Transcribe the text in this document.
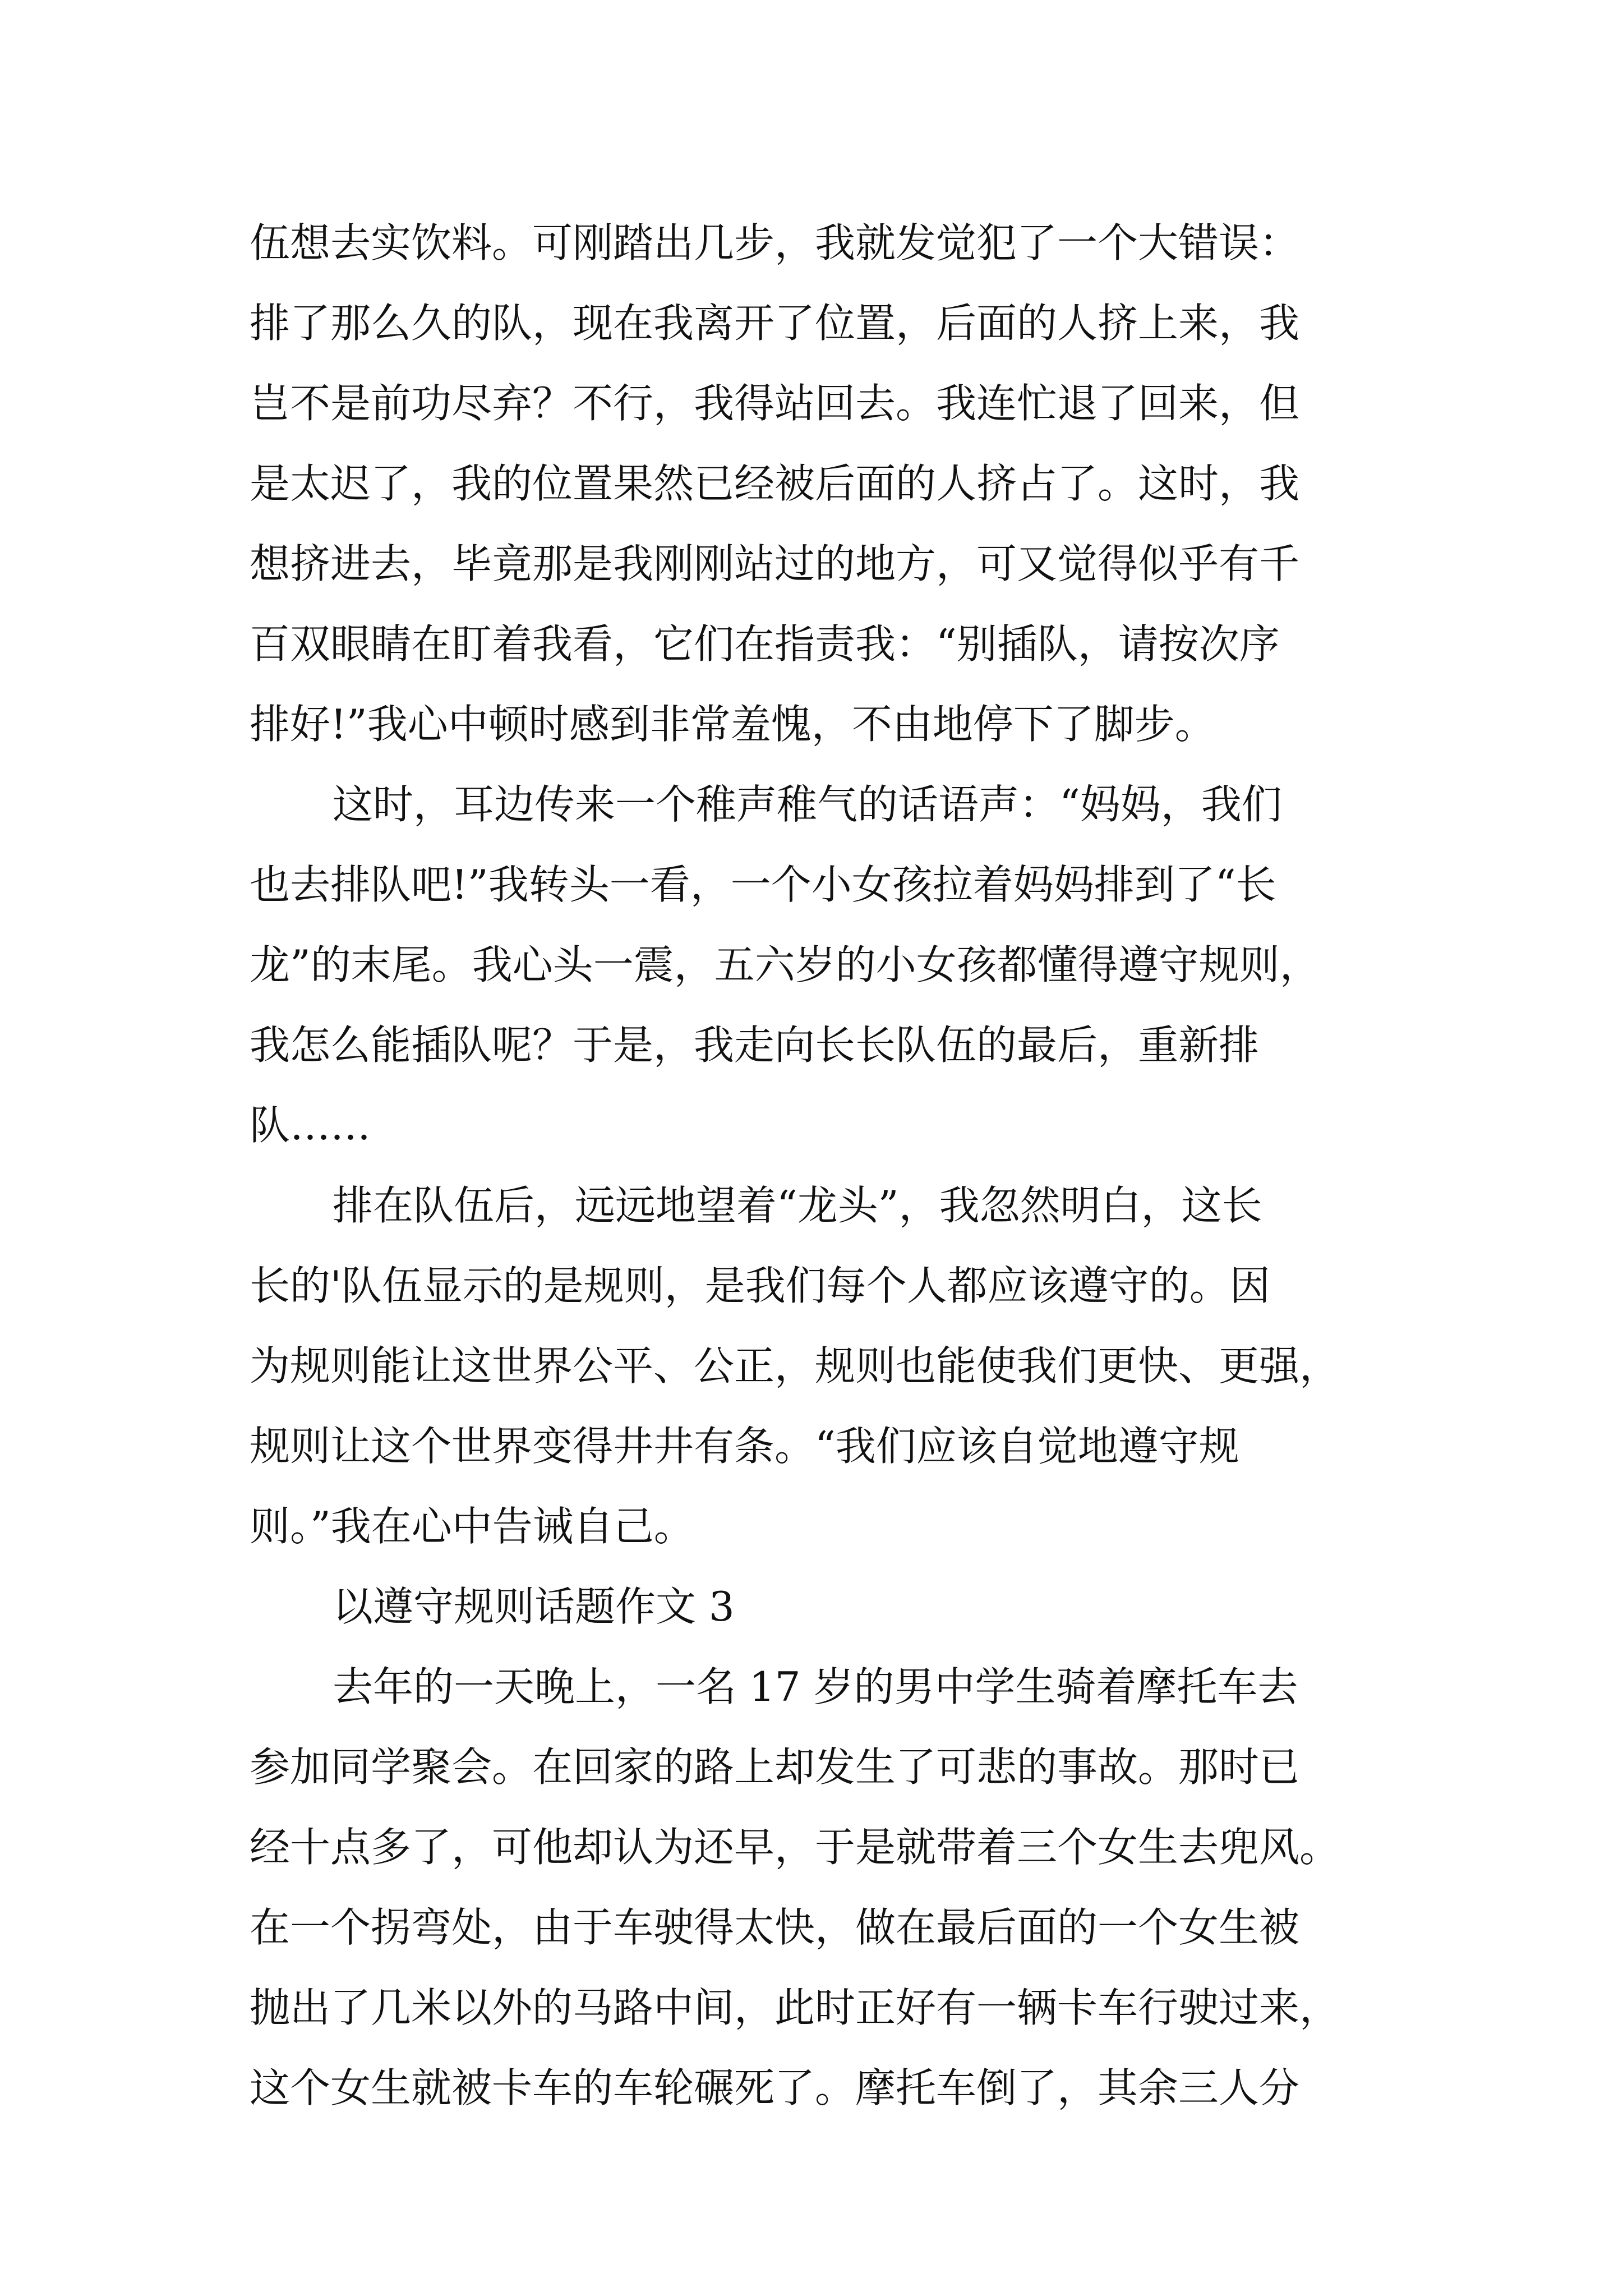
伍想去实饮料。可刚踏出几步，我就发觉犯了一个大错误：
排了那么久的队，现在我离开了位置，后面的人挤上来，我
岂不是前功尽弃？不行，我得站回去。我连忙退了回来，但
是太迟了，我的位置果然已经被后面的人挤占了。这时，我
想挤进去，毕竟那是我刚刚站过的地方，可又觉得似乎有千
百双眼睛在盯着我看，它们在指责我：“别插队，请按次序
排好!”我心中顿时感到非常羞愧，不由地停下了脚步。
这时，耳边传来一个稚声稚气的话语声：“妈妈，我们
也去排队吧!”我转头一看，一个小女孩拉着妈妈排到了“长
龙”的末尾。我心头一震，五六岁的小女孩都懂得遵守规则，
我怎么能插队呢？于是，我走向长长队伍的最后，重新排
队……
排在队伍后，远远地望着“龙头”，我忽然明白，这长
长的'队伍显示的是规则，是我们每个人都应该遵守的。因
为规则能让这世界公平、公正，规则也能使我们更快、更强，
规则让这个世界变得井井有条。“我们应该自觉地遵守规
则。”我在心中告诫自己。
以遵守规则话题作文 3
去年的一天晚上，一名 17 岁的男中学生骑着摩托车去
参加同学聚会。在回家的路上却发生了可悲的事故。那时已
经十点多了，可他却认为还早，于是就带着三个女生去兜风。
在一个拐弯处，由于车驶得太快，做在最后面的一个女生被
抛出了几米以外的马路中间，此时正好有一辆卡车行驶过来，
这个女生就被卡车的车轮碾死了。摩托车倒了，其余三人分
